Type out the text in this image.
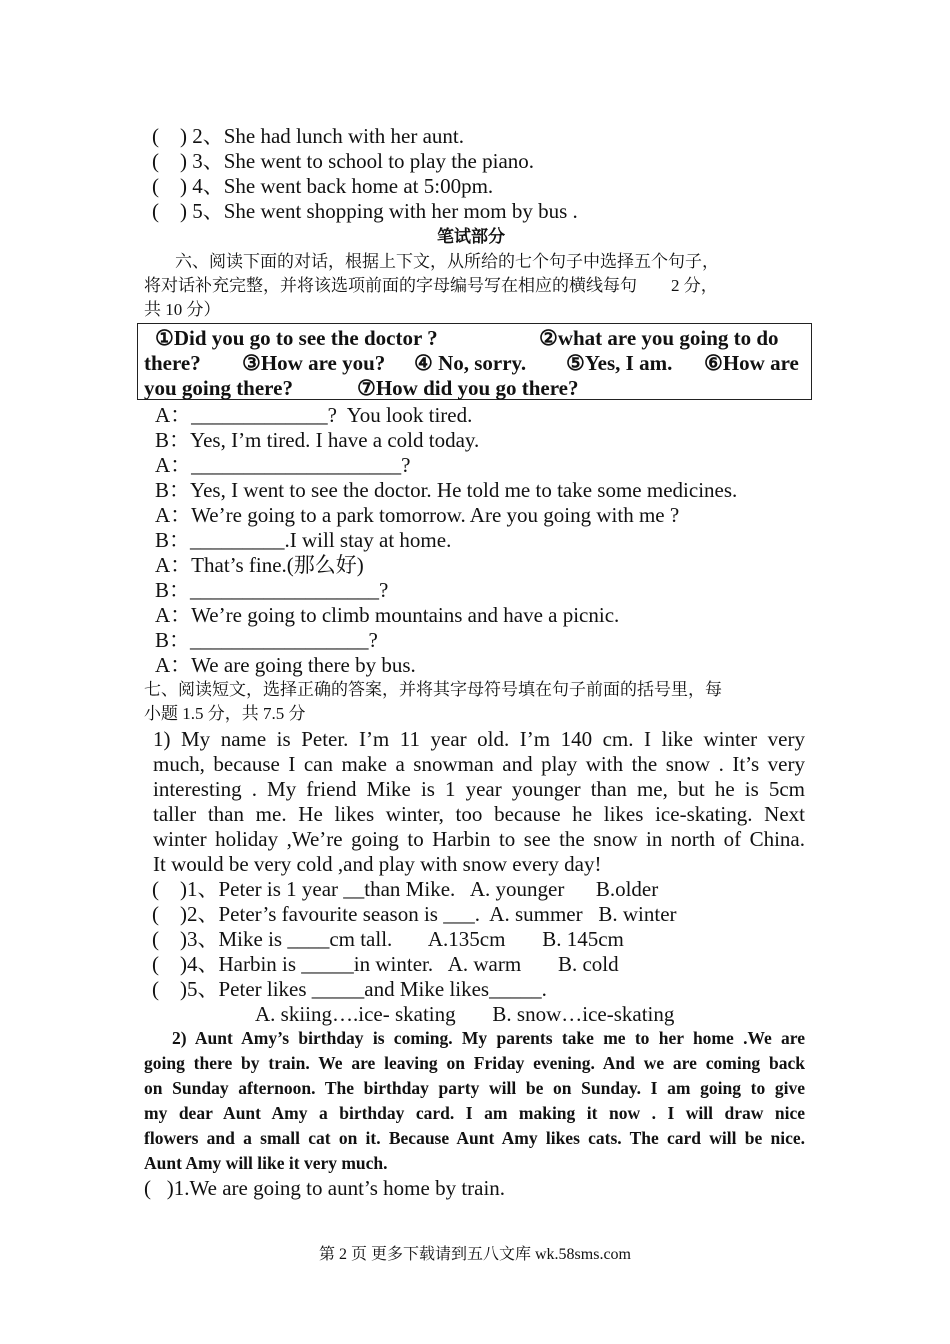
(    ) 2、She had lunch with her aunt.
(    ) 3、She went to school to play the piano.
(    ) 4、She went back home at 5:00pm.
(    ) 5、She went shopping with her mom by bus .
笔试部分
六、阅读下面的对话，根据上下文，从所给的七个句子中选择五个句子，
将对话补充完整，并将该选项前面的字母编号写在相应的横线每句        2 分，
共 10 分）
①Did you go to see the doctor ?	②what are you going to do
there? ③How are you? ④ No, sorry. ⑤Yes, I am. ⑥How are
you going there?	⑦How did you go there?
A：_____________?  You look tired.
B：Yes, I’m tired. I have a cold today.
A：____________________?
B：Yes, I went to see the doctor. He told me to take some medicines.
A：We’re going to a park tomorrow. Are you going with me ?
B：_________.I will stay at home.
A：That’s fine.(那么好)
B：__________________?
A：We’re going to climb mountains and have a picnic.
B：_________________?
A：We are going there by bus.
七、阅读短文，选择正确的答案，并将其字母符号填在句子前面的括号里，每
小题 1.5 分，共 7.5 分
1) My name is Peter. I’m 11 year old. I’m 140 cm. I like winter very
much, because I can make a snowman and play with the snow . It’s very
interesting . My friend Mike is 1 year younger than me, but he is 5cm
taller than me. He likes winter, too because he likes ice-skating. Next
winter holiday ,We’re going to Harbin to see the snow in north of China.
It would be very cold ,and play with snow every day!
(    )1、Peter is 1 year __than Mike.   A. younger      B.older
(    )2、Peter’s favourite season is ___.  A. summer   B. winter
(    )3、Mike is ____cm tall.       A.135cm       B. 145cm
(    )4、Harbin is _____in winter.   A. warm       B. cold
(    )5、Peter likes _____and Mike likes_____.
A. skiing….ice- skating       B. snow…ice-skating
2) Aunt Amy’s birthday is coming. My parents take me to her home .We are
going there by train. We are leaving on Friday evening. And we are coming back
on Sunday afternoon. The birthday party will be on Sunday. I am going to give
my dear Aunt Amy a birthday card. I am making it now . I will draw nice
flowers and a small cat on it. Because Aunt Amy likes cats. The card will be nice.
Aunt Amy will like it very much.
(   )1.We are going to aunt’s home by train.
第 2 页 更多下载请到五八文库 wk.58sms.com
